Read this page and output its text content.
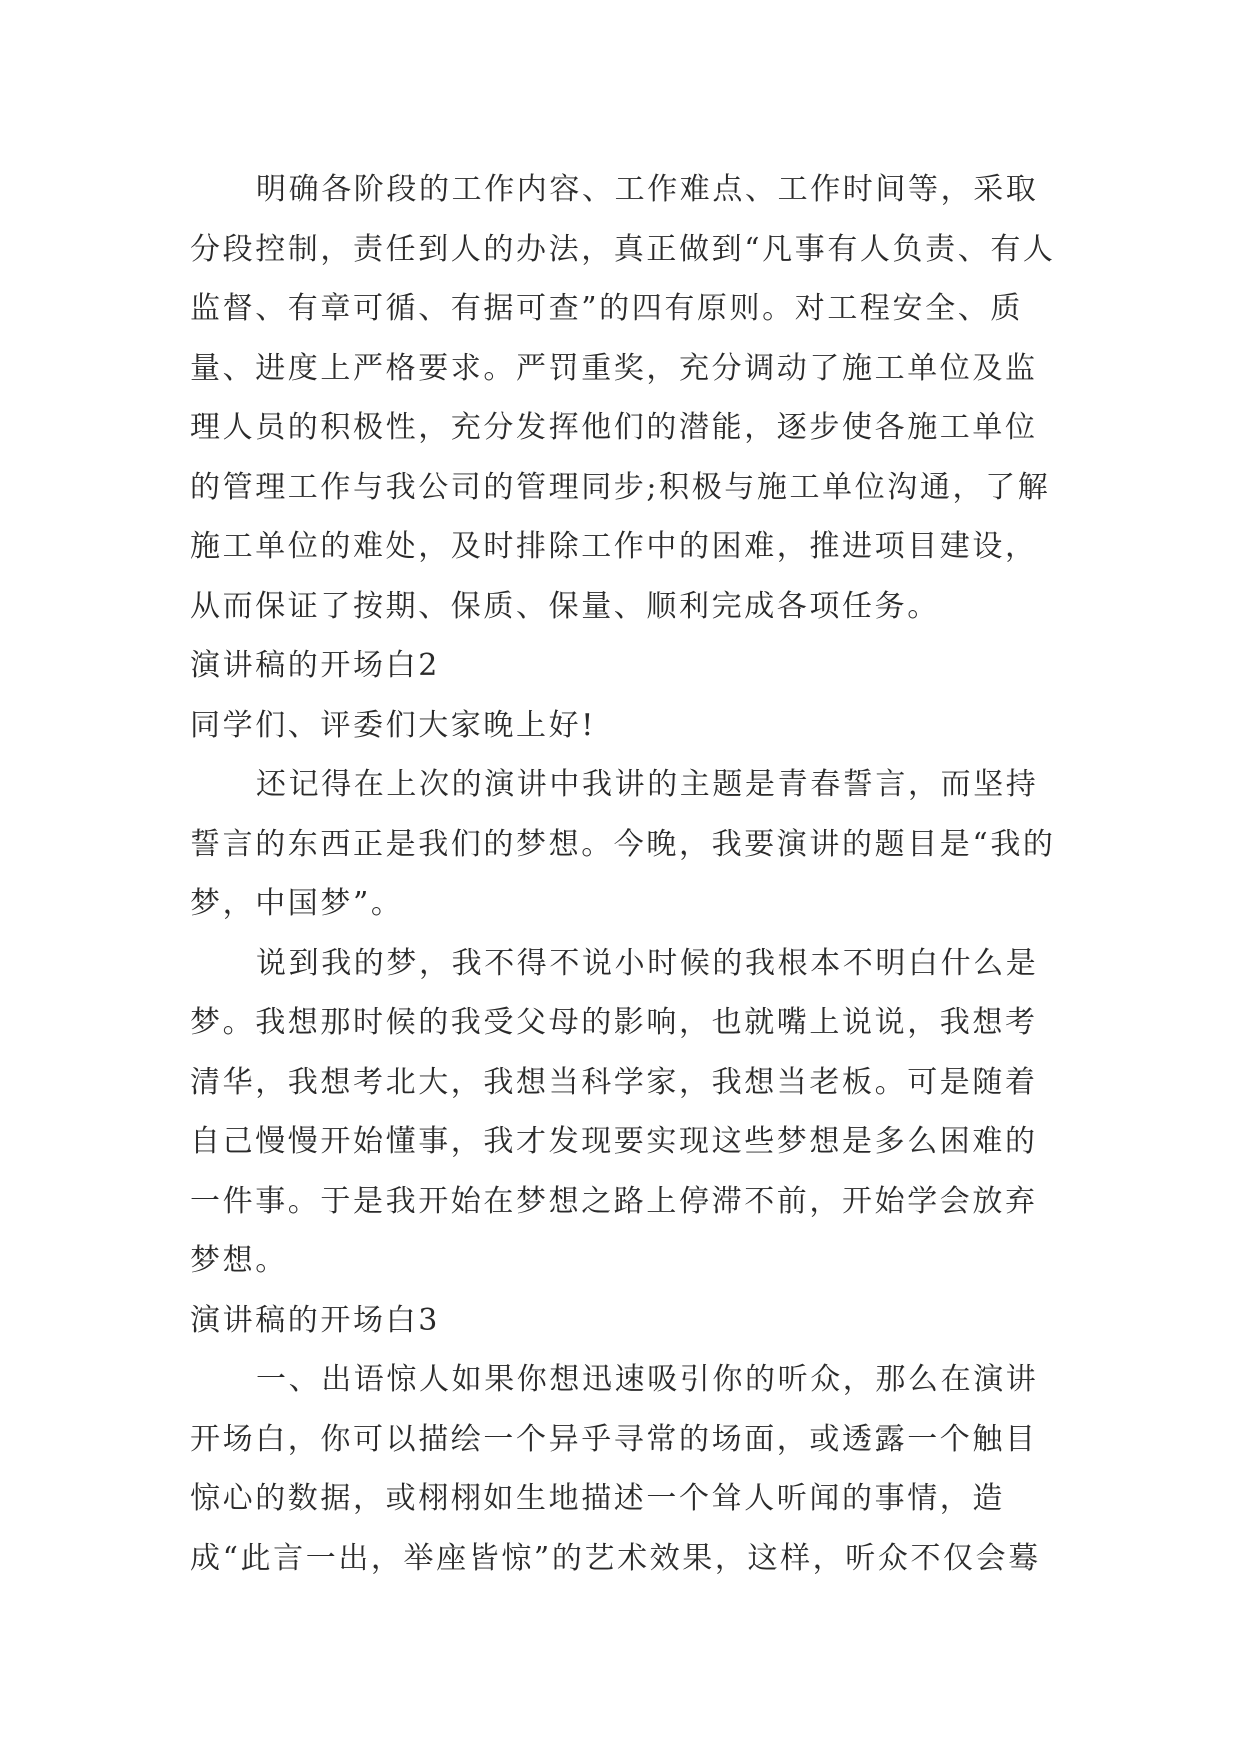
明确各阶段的工作内容、工作难点、工作时间等，采取分段控制，责任到人的办法，真正做到“凡事有人负责、有人监督、有章可循、有据可查”的四有原则。对工程安全、质量、进度上严格要求。严罚重奖，充分调动了施工单位及监理人员的积极性，充分发挥他们的潜能，逐步使各施工单位的管理工作与我公司的管理同步;积极与施工单位沟通，了解施工单位的难处，及时排除工作中的困难，推进项目建设，从而保证了按期、保质、保量、顺利完成各项任务。

演讲稿的开场白2

同学们、评委们大家晚上好!

还记得在上次的演讲中我讲的主题是青春誓言，而坚持誓言的东西正是我们的梦想。今晚，我要演讲的题目是“我的梦，中国梦”。

说到我的梦，我不得不说小时候的我根本不明白什么是梦。我想那时候的我受父母的影响，也就嘴上说说，我想考清华，我想考北大，我想当科学家，我想当老板。可是随着自己慢慢开始懂事，我才发现要实现这些梦想是多么困难的一件事。于是我开始在梦想之路上停滞不前，开始学会放弃梦想。

演讲稿的开场白3

一、出语惊人如果你想迅速吸引你的听众，那么在演讲开场白，你可以描绘一个异乎寻常的场面，或透露一个触目惊心的数据，或栩栩如生地描述一个耸人听闻的事情，造成“此言一出，举座皆惊”的艺术效果，这样，听众不仅会蓦
